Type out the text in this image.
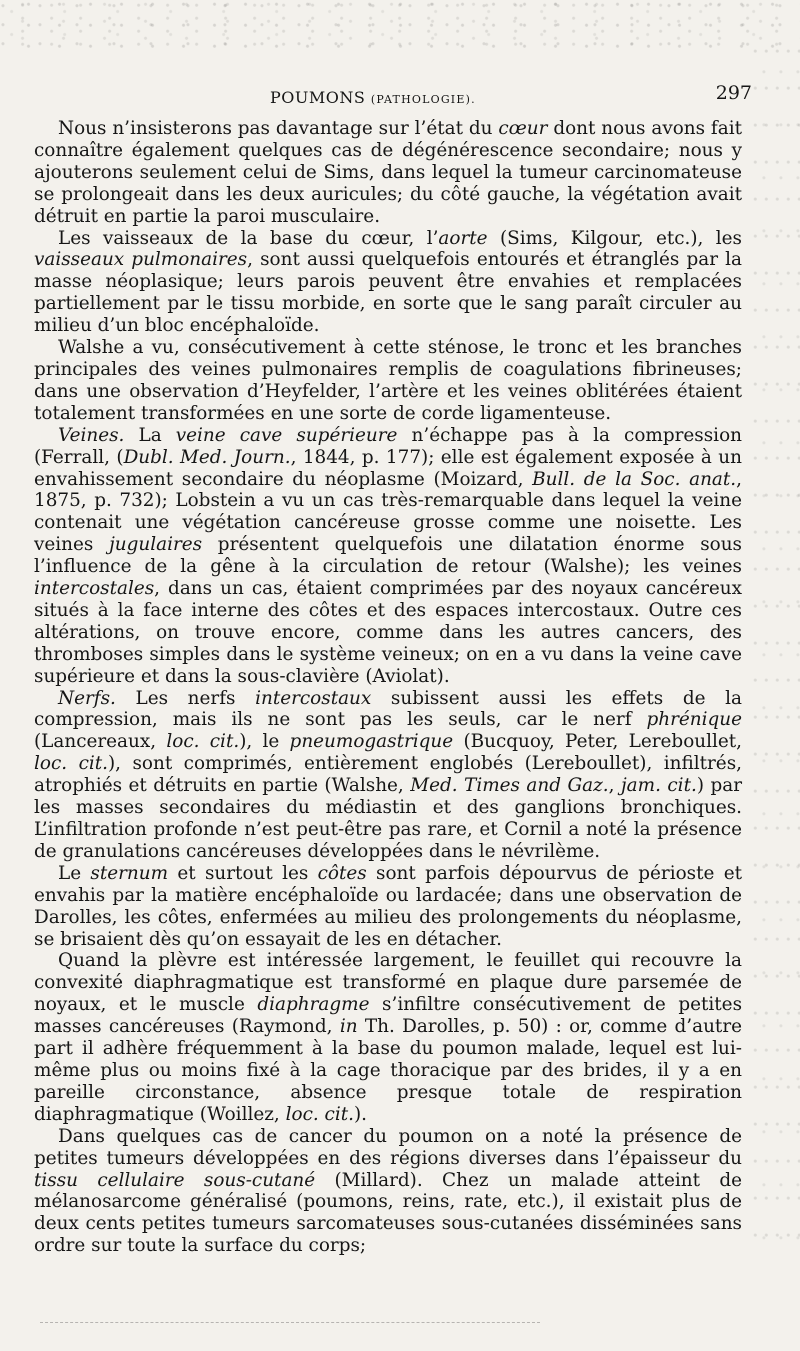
POUMONS (PATHOLOGIE).	297

Nous n’insisterons pas davantage sur l’état du cœur dont nous avons fait connaître également quelques cas de dégénérescence secondaire; nous y ajouterons seulement celui de Sims, dans lequel la tumeur carcinomateuse se prolongeait dans les deux auricules; du côté gauche, la végétation avait détruit en partie la paroi musculaire.

Les vaisseaux de la base du cœur, l’aorte (Sims, Kilgour, etc.), les vaisseaux pulmonaires, sont aussi quelquefois entourés et étranglés par la masse néoplasique; leurs parois peuvent être envahies et remplacées partiellement par le tissu morbide, en sorte que le sang paraît circuler au milieu d’un bloc encéphaloïde.

Walshe a vu, consécutivement à cette sténose, le tronc et les branches principales des veines pulmonaires remplis de coagulations fibrineuses; dans une observation d’Heyfelder, l’artère et les veines oblitérées étaient totalement transformées en une sorte de corde ligamenteuse.

Veines. La veine cave supérieure n’échappe pas à la compression (Ferrall, (Dubl. Med. Journ., 1844, p. 177); elle est également exposée à un envahissement secondaire du néoplasme (Moizard, Bull. de la Soc. anat., 1875, p. 732); Lobstein a vu un cas très-remarquable dans lequel la veine contenait une végétation cancéreuse grosse comme une noisette. Les veines jugulaires présentent quelquefois une dilatation énorme sous l’influence de la gêne à la circulation de retour (Walshe); les veines intercostales, dans un cas, étaient comprimées par des noyaux cancéreux situés à la face interne des côtes et des espaces intercostaux. Outre ces altérations, on trouve encore, comme dans les autres cancers, des thromboses simples dans le système veineux; on en a vu dans la veine cave supérieure et dans la sous-clavière (Aviolat).

Nerfs. Les nerfs intercostaux subissent aussi les effets de la compression, mais ils ne sont pas les seuls, car le nerf phrénique (Lancereaux, loc. cit.), le pneumogastrique (Bucquoy, Peter, Lereboullet, loc. cit.), sont comprimés, entièrement englobés (Lereboullet), infiltrés, atrophiés et détruits en partie (Walshe, Med. Times and Gaz., jam. cit.) par les masses secondaires du médiastin et des ganglions bronchiques. L’infiltration profonde n’est peut-être pas rare, et Cornil a noté la présence de granulations cancéreuses développées dans le névrilème.

Le sternum et surtout les côtes sont parfois dépourvus de périoste et envahis par la matière encéphaloïde ou lardacée; dans une observation de Darolles, les côtes, enfermées au milieu des prolongements du néoplasme, se brisaient dès qu’on essayait de les en détacher.

Quand la plèvre est intéressée largement, le feuillet qui recouvre la convexité diaphragmatique est transformé en plaque dure parsemée de noyaux, et le muscle diaphragme s’infiltre consécutivement de petites masses cancéreuses (Raymond, in Th. Darolles, p. 50) : or, comme d’autre part il adhère fréquemment à la base du poumon malade, lequel est lui-même plus ou moins fixé à la cage thoracique par des brides, il y a en pareille circonstance, absence presque totale de respiration diaphragmatique (Woillez, loc. cit.).

Dans quelques cas de cancer du poumon on a noté la présence de petites tumeurs développées en des régions diverses dans l’épaisseur du tissu cellulaire sous-cutané (Millard). Chez un malade atteint de mélanosarcome généralisé (poumons, reins, rate, etc.), il existait plus de deux cents petites tumeurs sarcomateuses sous-cutanées disséminées sans ordre sur toute la surface du corps;
